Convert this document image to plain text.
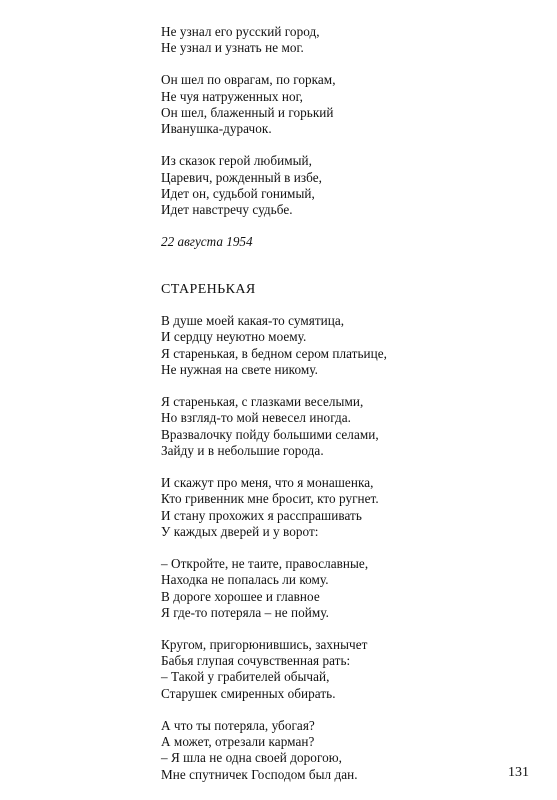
Не узнал его русский город,
Не узнал и узнать не мог.
Он шел по оврагам, по горкам,
Не чуя натруженных ног,
Он шел, блаженный и горький
Иванушка-дурачок.
Из сказок герой любимый,
Царевич, рожденный в избе,
Идет он, судьбой гонимый,
Идет навстречу судьбе.
22 августа 1954
СТАРЕНЬКАЯ
В душе моей какая-то сумятица,
И сердцу неуютно моему.
Я старенькая, в бедном сером платьице,
Не нужная на свете никому.
Я старенькая, с глазками веселыми,
Но взгляд-то мой невесел иногда.
Вразвалочку пойду большими селами,
Зайду и в небольшие города.
И скажут про меня, что я монашенка,
Кто гривенник мне бросит, кто ругнет.
И стану прохожих я расспрашивать
У каждых дверей и у ворот:
– Откройте, не таите, православные,
Находка не попалась ли кому.
В дороге хорошее и главное
Я где-то потеряла – не пойму.
Кругом, пригорюнившись, захнычет
Бабья глупая сочувственная рать:
– Такой у грабителей обычай,
Старушек смиренных обирать.
А что ты потеряла, убогая?
А может, отрезали карман?
– Я шла не одна своей дорогою,
Мне спутничек Господом был дан.	131
